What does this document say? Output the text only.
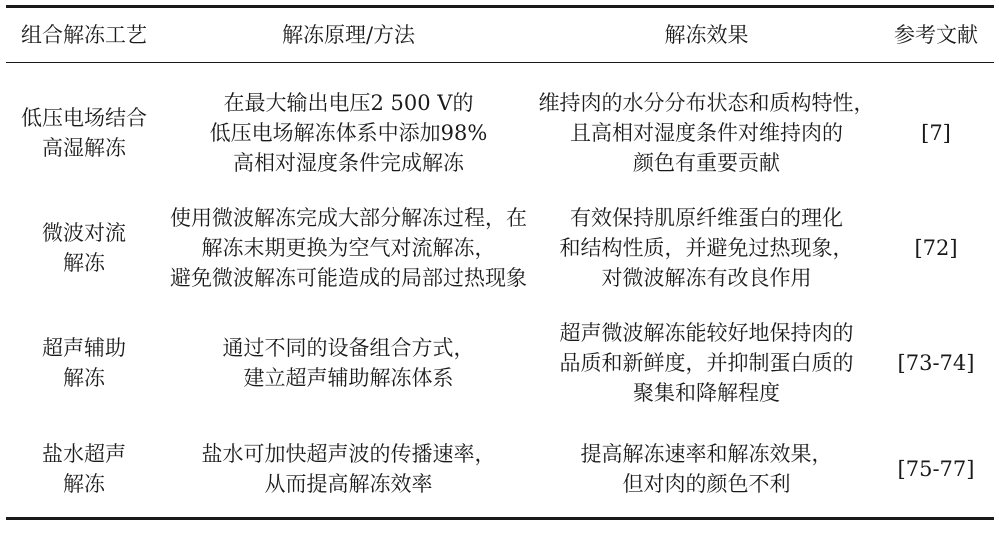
组合解冻工艺	解冻原理/方法	解冻效果	参考文献

低压电场结合
高湿解冻	在最大输出电压2 500 V的
低压电场解冻体系中添加98%
高相对湿度条件完成解冻	维持肉的水分分布状态和质构特性，
且高相对湿度条件对维持肉的
颜色有重要贡献	[7]

微波对流
解冻	使用微波解冻完成大部分解冻过程，在
解冻末期更换为空气对流解冻，
避免微波解冻可能造成的局部过热现象	有效保持肌原纤维蛋白的理化
和结构性质，并避免过热现象，
对微波解冻有改良作用	[72]

超声辅助
解冻	通过不同的设备组合方式，
建立超声辅助解冻体系	超声微波解冻能较好地保持肉的
品质和新鲜度，并抑制蛋白质的
聚集和降解程度	[73-74]

盐水超声
解冻	盐水可加快超声波的传播速率，
从而提高解冻效率	提高解冻速率和解冻效果，
但对肉的颜色不利	[75-77]
